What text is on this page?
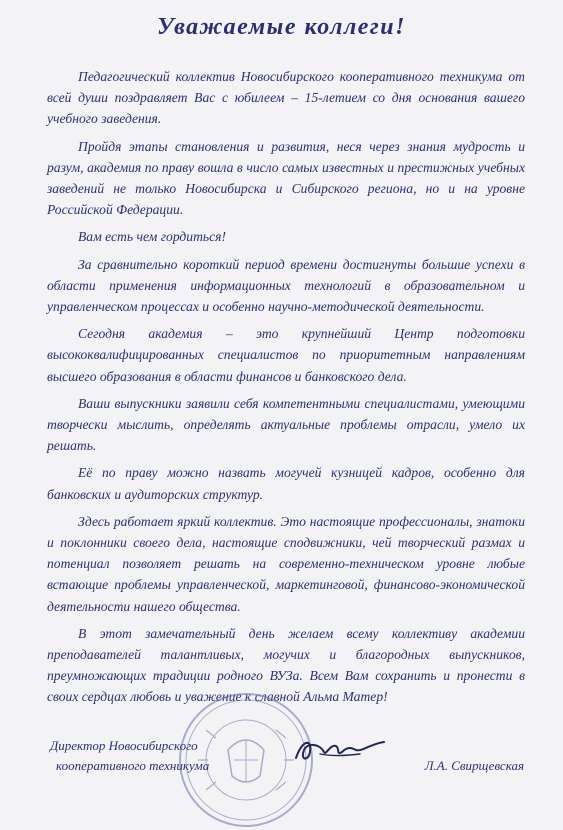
Уважаемые коллеги!

Педагогический коллектив Новосибирского кооперативного техникума от всей души поздравляет Вас с юбилеем – 15-летием со дня основания вашего учебного заведения.

Пройдя этапы становления и развития, неся через знания мудрость и разум, академия по праву вошла в число самых известных и престижных учебных заведений не только Новосибирска и Сибирского региона, но и на уровне Российской Федерации.

Вам есть чем гордиться!

За сравнительно короткий период времени достигнуты большие успехи в области применения информационных технологий в образовательном и управленческом процессах и особенно научно-методической деятельности.

Сегодня академия – это крупнейший Центр подготовки высококвалифицированных специалистов по приоритетным направлениям высшего образования в области финансов и банковского дела.

Ваши выпускники заявили себя компетентными специалистами, умеющими творчески мыслить, определять актуальные проблемы отрасли, умело их решать.

Её по праву можно назвать могучей кузницей кадров, особенно для банковских и аудиторских структур.

Здесь работает яркий коллектив. Это настоящие профессионалы, знатоки и поклонники своего дела, настоящие сподвижники, чей творческий размах и потенциал позволяет решать на современно-техническом уровне любые встающие проблемы управленческой, маркетинговой, финансово-экономической деятельности нашего общества.

В этот замечательный день желаем всему коллективу академии преподавателей талантливых, могучих и благородных выпускников, преумножающих традиции родного ВУЗа. Всем Вам сохранить и пронести в своих сердцах любовь и уважение к славной Альма Матер!

Директор Новосибирского
кооперативного техникума	Л.А. Свирщевская
